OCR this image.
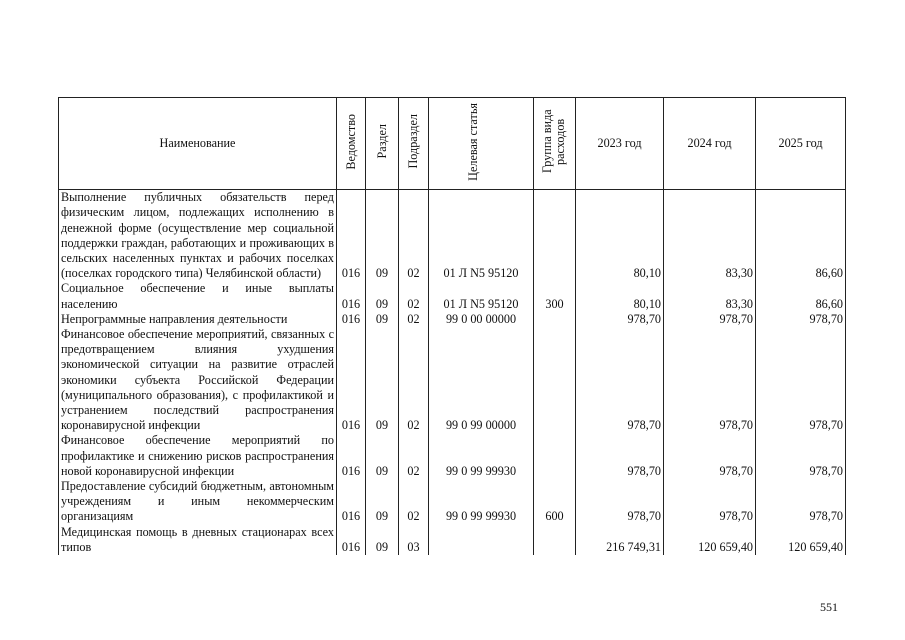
Наименование	Ведомство	Раздел	Подраздел	Целевая статья	Группа вида расходов	2023 год	2024 год	2025 год
Выполнение публичных обязательств перед физическим лицом, подлежащих исполнению в денежной форме (осуществление мер социальной поддержки граждан, работающих и проживающих в сельских населенных пунктах и рабочих поселках (поселках городского типа) Челябинской области)	016	09	02	01 Л N5 95120		80,10	83,30	86,60
Социальное обеспечение и иные выплаты населению	016	09	02	01 Л N5 95120	300	80,10	83,30	86,60
Непрограммные направления деятельности	016	09	02	99 0 00 00000		978,70	978,70	978,70
Финансовое обеспечение мероприятий, связанных с предотвращением влияния ухудшения экономической ситуации на развитие отраслей экономики субъекта Российской Федерации (муниципального образования), с профилактикой и устранением последствий распространения коронавирусной инфекции	016	09	02	99 0 99 00000		978,70	978,70	978,70
Финансовое обеспечение мероприятий по профилактике и снижению рисков распространения новой коронавирусной инфекции	016	09	02	99 0 99 99930		978,70	978,70	978,70
Предоставление субсидий бюджетным, автономным учреждениям и иным некоммерческим организациям	016	09	02	99 0 99 99930	600	978,70	978,70	978,70
Медицинская помощь в дневных стационарах всех типов	016	09	03			216 749,31	120 659,40	120 659,40
551
